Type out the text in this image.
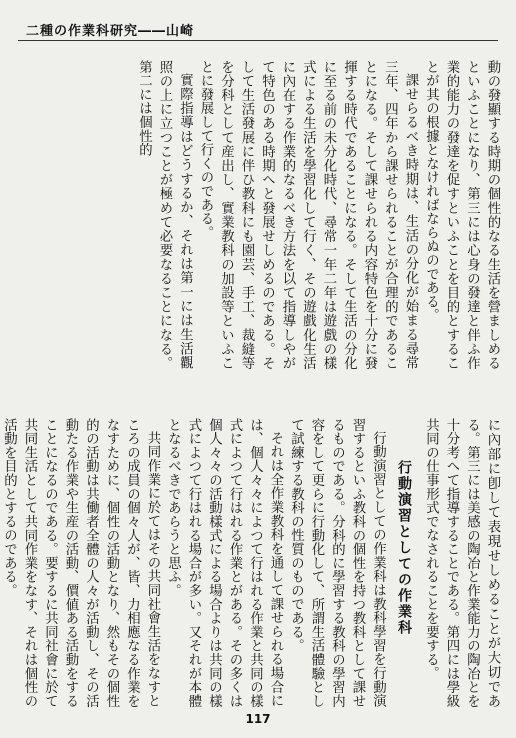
二種の作業科研究――山崎

動の發顯する時期の個性的なる生活を營ましめるといふことになり、第三には心身の發達と伴ふ作業的能力の發達を促すといふことを目的とすることが其の根據となければならぬのである。

課せらるべき時期は、生活の分化が始まる尋常三年、四年から課せられることが合理的であることになる。そして課せられる内容特色を十分に發揮する時代であることになる。そして生活の分化に至る前の未分化時代、尋常一年二年は遊戲の樣式による生活を學習化して行く、その遊戲化生活に內在する作業的なるべき方法を以て指導しやがて特色のある時期へと發展せしめるのである。そして生活發展に伴ひ教科にも園芸、手工、裁縫等を分科として産出し、實業教科の加設等といふことに發展して行くのである。

實際指導はどうするか、それは第一には生活觀照の上に立つことが極めて必要なることになる。第二には個性的

に內部に卽して表現せしめることが大切である。第三には美感の陶冶と作業能力の陶冶とを十分考へて指導することである。第四には學級共同の仕事形式でなされることを要する。

行動演習としての作業科

行動演習としての作業科は教科學習を行動演習するといふ教科の個性を持つ教科として課せるものである。分科的に學習する教科の學習内容をして更らに行動化して、所謂生活體驗として試練する教科の性質のものである。

それは全作業教科を通して課せられる場合には、個人々々によつて行はれる作業と共同の樣式によつて行はれる作業とがある。その多くは個人々々の活動樣式による場合よりは共同の樣式によつて行はれる場合が多い。又それが本體となるべきであらうと思ふ。

共同作業に於てはその共同社會生活をなすところの成員の個々人が、皆、力相應なる作業をなすために、個性の活動となり、然もその個性的の活動は共働者全體の人々が活動し、その活動たる作業や生産の活動、價値ある活動をすることになるのである。要するに共同社會に於て共同生活として共同作業をなす、それは個性の活動を目的とするのである。

117
